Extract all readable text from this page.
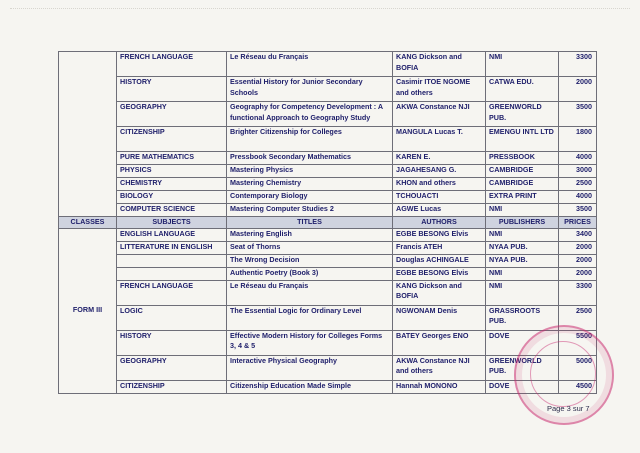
	FRENCH LANGUAGE	Le Réseau du Français	KANG Dickson and BOFIA	NMI	3300
	HISTORY	Essential History for Junior Secondary Schools	Casimir ITOE NGOME and others	CATWA EDU.	2000
	GEOGRAPHY	Geography for Competency Development : A functional Approach to Geography Study	AKWA Constance NJI	GREENWORLD PUB.	3500
	CITIZENSHIP	Brighter Citizenship for Colleges	MANGULA Lucas T.	EMENGU INTL LTD	1800
	PURE MATHEMATICS	Pressbook Secondary Mathematics	KAREN E.	PRESSBOOK	4000
	PHYSICS	Mastering Physics	JAGAHESANG G.	CAMBRIDGE	3000
	CHEMISTRY	Mastering Chemistry	KHON and others	CAMBRIDGE	2500
	BIOLOGY	Contemporary Biology	TCHOUACTI	EXTRA PRINT	4000
	COMPUTER SCIENCE	Mastering Computer Studies 2	AGWE Lucas	NMI	3500
CLASSES	SUBJECTS	TITLES	AUTHORS	PUBLISHERS	PRICES
FORM III	ENGLISH LANGUAGE	Mastering English	EGBE BESONG Elvis	NMI	3400
	LITTERATURE IN ENGLISH	Seat of Thorns	Francis ATEH	NYAA PUB.	2000
		The Wrong Decision	Douglas ACHINGALE	NYAA PUB.	2000
		Authentic Poetry (Book 3)	EGBE BESONG Elvis	NMI	2000
	FRENCH LANGUAGE	Le Réseau du Français	KANG Dickson and BOFIA	NMI	3300
	LOGIC	The Essential Logic for Ordinary Level	NGWONAM Denis	GRASSROOTS PUB.	2500
	HISTORY	Effective Modern History for Colleges Forms 3, 4 & 5	BATEY Georges ENO	DOVE	5500
	GEOGRAPHY	Interactive Physical Geography	AKWA Constance NJI and others	GREENWORLD PUB.	5000
	CITIZENSHIP	Citizenship Education Made Simple	Hannah MONONO	DOVE	4500
Page 3 sur 7
